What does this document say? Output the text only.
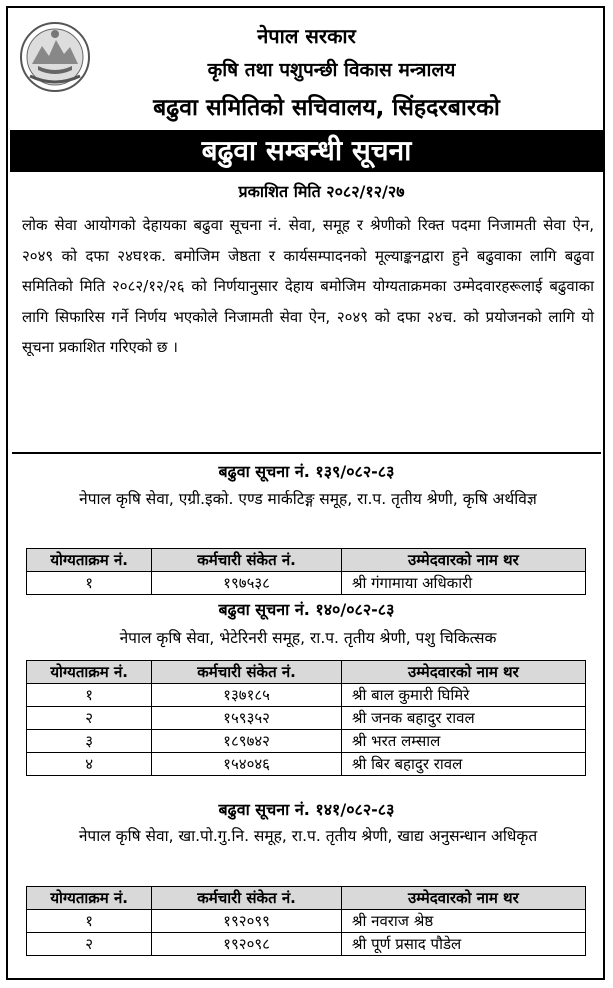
नेपाल सरकार
कृषि तथा पशुपन्छी विकास मन्त्रालय
बढुवा समितिको सचिवालय, सिंहदरबारको
बढुवा सम्बन्धी सूचना
प्रकाशित मिति २०८२/१२/२७
लोक सेवा आयोगको देहायका बढुवा सूचना नं. सेवा, समूह र श्रेणीको रिक्त पदमा निजामती सेवा ऐन, २०४९ को दफा २४घ१क. बमोजिम जेष्ठता र कार्यसम्पादनको मूल्याङ्कनद्वारा हुने बढुवाका लागि बढुवा समितिको मिति २०८२/१२/२६ को निर्णयानुसार देहाय बमोजिम योग्यताक्रमका उम्मेदवारहरूलाई बढुवाका लागि सिफारिस गर्ने निर्णय भएकोले निजामती सेवा ऐन, २०४९ को दफा २४च. को प्रयोजनको लागि यो सूचना प्रकाशित गरिएको छ ।
बढुवा सूचना नं. १३९/०८२-८३
नेपाल कृषि सेवा, एग्री.इको. एण्ड मार्कटिङ्ग समूह, रा.प. तृतीय श्रेणी, कृषि अर्थविज्ञ
योग्यताक्रम नं.	कर्मचारी संकेत नं.	उम्मेदवारको नाम थर
१	१९७५३८	श्री गंगामाया अधिकारी
बढुवा सूचना नं. १४०/०८२-८३
नेपाल कृषि सेवा, भेटेरिनरी समूह, रा.प. तृतीय श्रेणी, पशु चिकित्सक
योग्यताक्रम नं.	कर्मचारी संकेत नं.	उम्मेदवारको नाम थर
१	१३७१८५	श्री बाल कुमारी घिमिरे
२	१५९३५२	श्री जनक बहादुर रावल
३	१८९७४२	श्री भरत लम्साल
४	१५४०४६	श्री बिर बहादुर रावल
बढुवा सूचना नं. १४१/०८२-८३
नेपाल कृषि सेवा, खा.पो.गु.नि. समूह, रा.प. तृतीय श्रेणी, खाद्य अनुसन्धान अधिकृत
योग्यताक्रम नं.	कर्मचारी संकेत नं.	उम्मेदवारको नाम थर
१	१९२०९९	श्री नवराज श्रेष्ठ
२	१९२०९८	श्री पूर्ण प्रसाद पौडेल
